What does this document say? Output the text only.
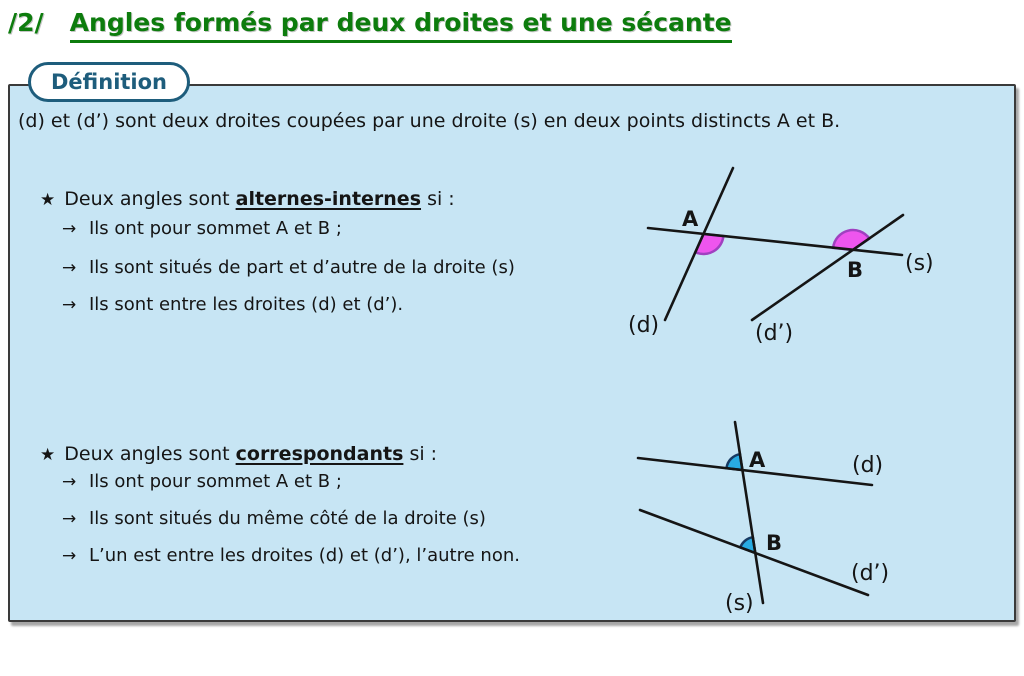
/2/ Angles formés par deux droites et une sécante
Définition
(d) et (d’) sont deux droites coupées par une droite (s) en deux points distincts A et B.
★ Deux angles sont
alternes-internes
si :
→ Ils ont pour sommet A et B ;
→ Ils sont situés de part et d’autre de la droite (s)
→ Ils sont entre les droites (d) et (d’).
★ Deux angles sont
correspondants
si :
→ Ils ont pour sommet A et B ;
→ Ils sont situés du même côté de la droite (s)
→ L’un est entre les droites (d) et (d’), l’autre non.
A
B (s)
(d)	(d’)
A
B
(d)
(d’)
(s)
